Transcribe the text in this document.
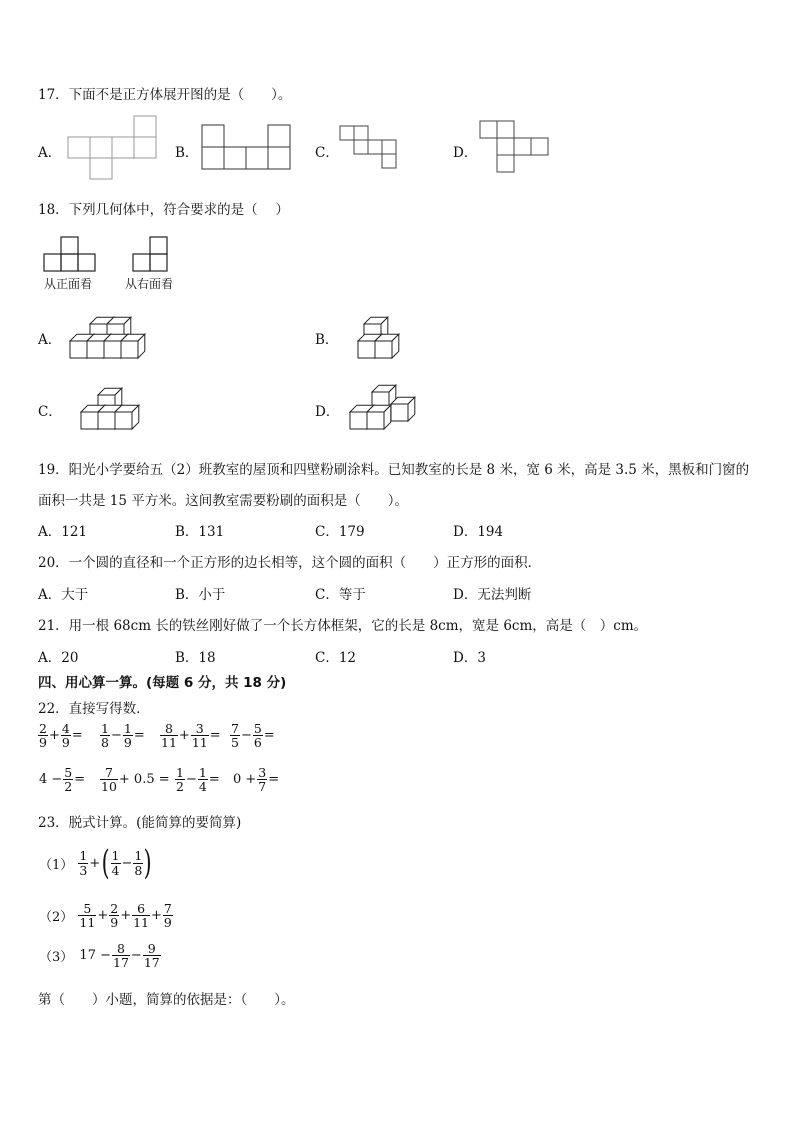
17．下面不是正方体展开图的是（　　）。
A．	B．	C．	D．
18．下列几何体中，符合要求的是（　 ）
从正面看	从右面看
A．	B．
C．	D．
19．阳光小学要给五（2）班教室的屋顶和四壁粉刷涂料。已知教室的长是 8 米，宽 6 米，高是 3.5 米，黑板和门窗的
面积一共是 15 平方米。这间教室需要粉刷的面积是（　　）。
A．121	B．131	C．179	D．194
20．一个圆的直径和一个正方形的边长相等，这个圆的面积（　　）正方形的面积．
A．大于	B．小于	C．等于	D．无法判断
21．用一根 68cm 长的铁丝刚好做了一个长方体框架，它的长是 8cm，宽是 6cm，高是（　）cm。
A．20	B．18	C．12	D．3
四、用心算一算。(每题 6 分，共 18 分)
22．直接写得数．
$\frac{2}{9} + \frac{4}{9} = \frac{1}{8} - \frac{1}{9} = \frac{8}{11} + \frac{3}{11} = \frac{7}{5} - \frac{5}{6}$ =
$4 - \frac{5}{2} = \frac{7}{10} + 0.5 = \frac{1}{2} - \frac{1}{4} = 0 + \frac{3}{7}$ =
23．脱式计算。(能简算的要简算)
$(1) \frac{1}{3}$ +( $\frac{1}{4} - \frac{1}{8}$ )
$(2) \frac{5}{11} + \frac{2}{9} + \frac{6}{11} + \frac{7}{9}$
（3） $17 - \frac{8}{17} - \frac{9}{17}$
第（　　）小题，简算的依据是：（　　）。
